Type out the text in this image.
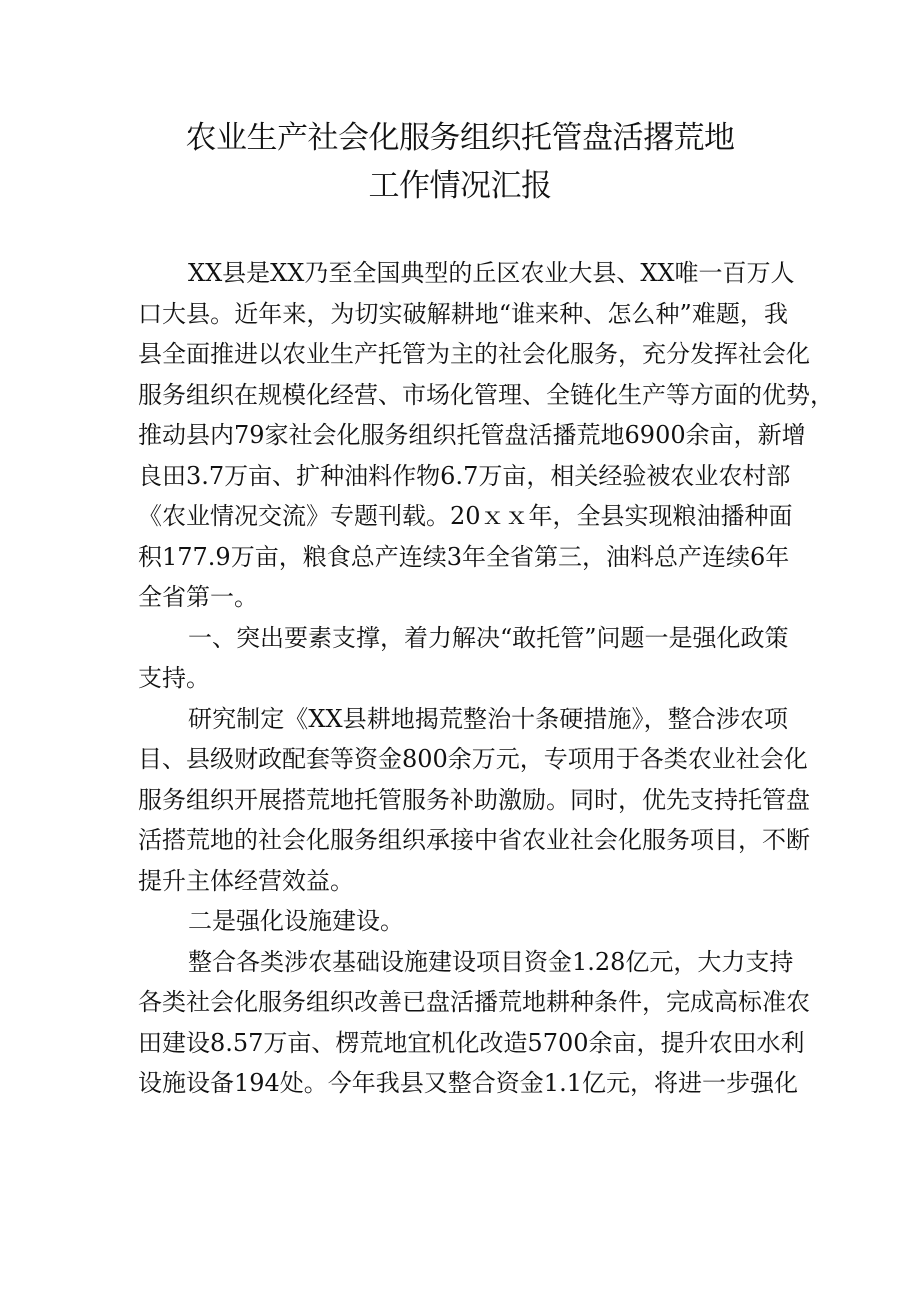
农业生产社会化服务组织托管盘活撂荒地
工作情况汇报
XX县是XX乃至全国典型的丘区农业大县、XX唯一百万人
口大县。近年来，为切实破解耕地“谁来种、怎么种”难题，我
县全面推进以农业生产托管为主的社会化服务，充分发挥社会化
服务组织在规模化经营、市场化管理、全链化生产等方面的优势，
推动县内79家社会化服务组织托管盘活播荒地6900余亩，新增
良田3.7万亩、扩种油料作物6.7万亩，相关经验被农业农村部
《农业情况交流》专题刊载。20ｘｘ年，全县实现粮油播种面
积177.9万亩，粮食总产连续3年全省第三，油料总产连续6年
全省第一。
一、突出要素支撑，着力解决“敢托管”问题一是强化政策
支持。
研究制定《XX县耕地揭荒整治十条硬措施》，整合涉农项
目、县级财政配套等资金800余万元，专项用于各类农业社会化
服务组织开展搭荒地托管服务补助激励。同时，优先支持托管盘
活搭荒地的社会化服务组织承接中省农业社会化服务项目，不断
提升主体经营效益。
二是强化设施建设。
整合各类涉农基础设施建设项目资金1.28亿元，大力支持
各类社会化服务组织改善已盘活播荒地耕种条件，完成高标准农
田建设8.57万亩、楞荒地宜机化改造5700余亩，提升农田水利
设施设备194处。今年我县又整合资金1.1亿元，将进一步强化
